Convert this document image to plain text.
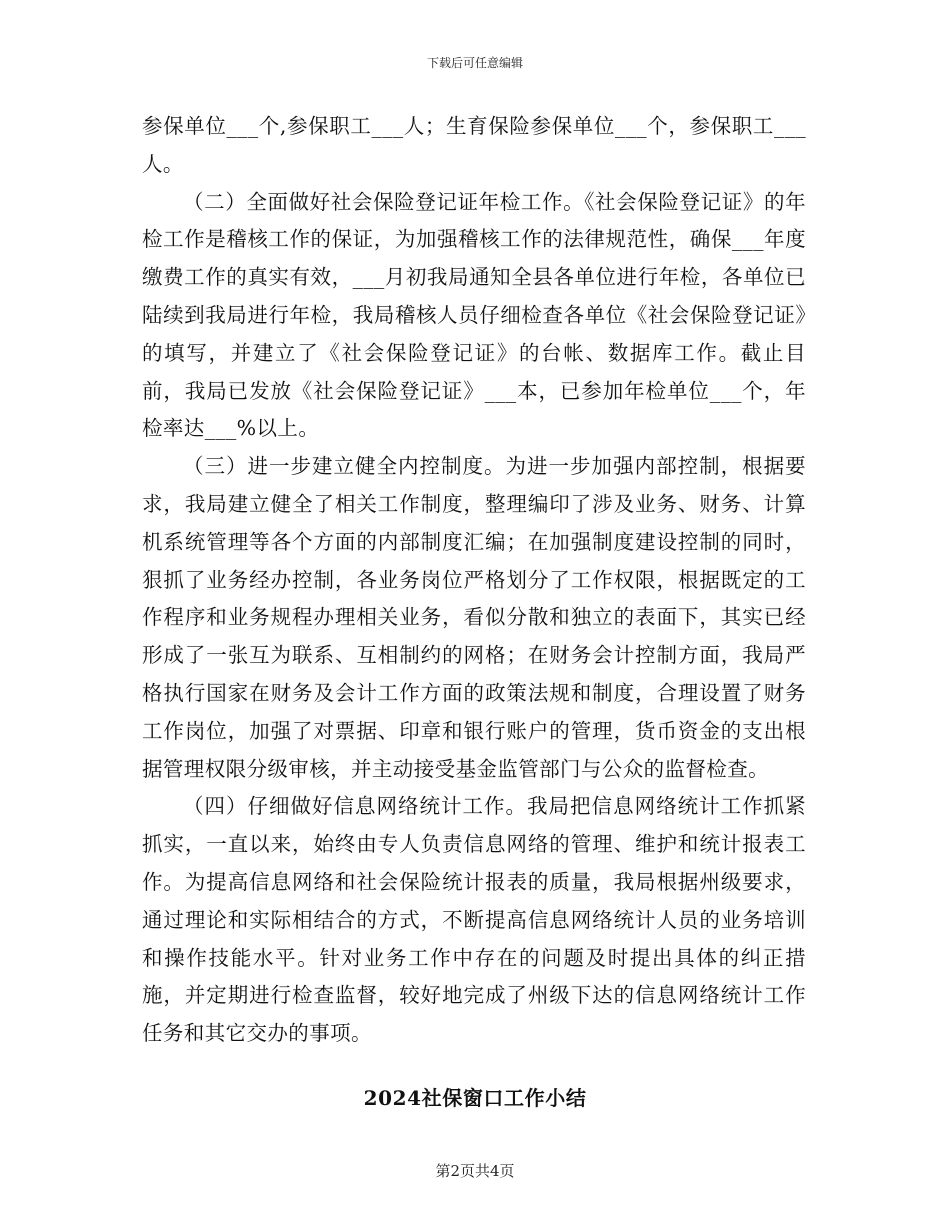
下载后可任意编辑

参保单位___个,参保职工___人；生育保险参保单位___个，参保职工___人。

（二）全面做好社会保险登记证年检工作。《社会保险登记证》的年检工作是稽核工作的保证，为加强稽核工作的法律规范性，确保___年度缴费工作的真实有效，___月初我局通知全县各单位进行年检，各单位已陆续到我局进行年检，我局稽核人员仔细检查各单位《社会保险登记证》的填写，并建立了《社会保险登记证》的台帐、数据库工作。截止目前，我局已发放《社会保险登记证》___本，已参加年检单位___个，年检率达___%以上。

（三）进一步建立健全内控制度。为进一步加强内部控制，根据要求，我局建立健全了相关工作制度，整理编印了涉及业务、财务、计算机系统管理等各个方面的内部制度汇编；在加强制度建设控制的同时，狠抓了业务经办控制，各业务岗位严格划分了工作权限，根据既定的工作程序和业务规程办理相关业务，看似分散和独立的表面下，其实已经形成了一张互为联系、互相制约的网格；在财务会计控制方面，我局严格执行国家在财务及会计工作方面的政策法规和制度，合理设置了财务工作岗位，加强了对票据、印章和银行账户的管理，货币资金的支出根据管理权限分级审核，并主动接受基金监管部门与公众的监督检查。

（四）仔细做好信息网络统计工作。我局把信息网络统计工作抓紧抓实，一直以来，始终由专人负责信息网络的管理、维护和统计报表工作。为提高信息网络和社会保险统计报表的质量，我局根据州级要求，通过理论和实际相结合的方式，不断提高信息网络统计人员的业务培训和操作技能水平。针对业务工作中存在的问题及时提出具体的纠正措施，并定期进行检查监督，较好地完成了州级下达的信息网络统计工作任务和其它交办的事项。

2024社保窗口工作小结
第2页共4页
